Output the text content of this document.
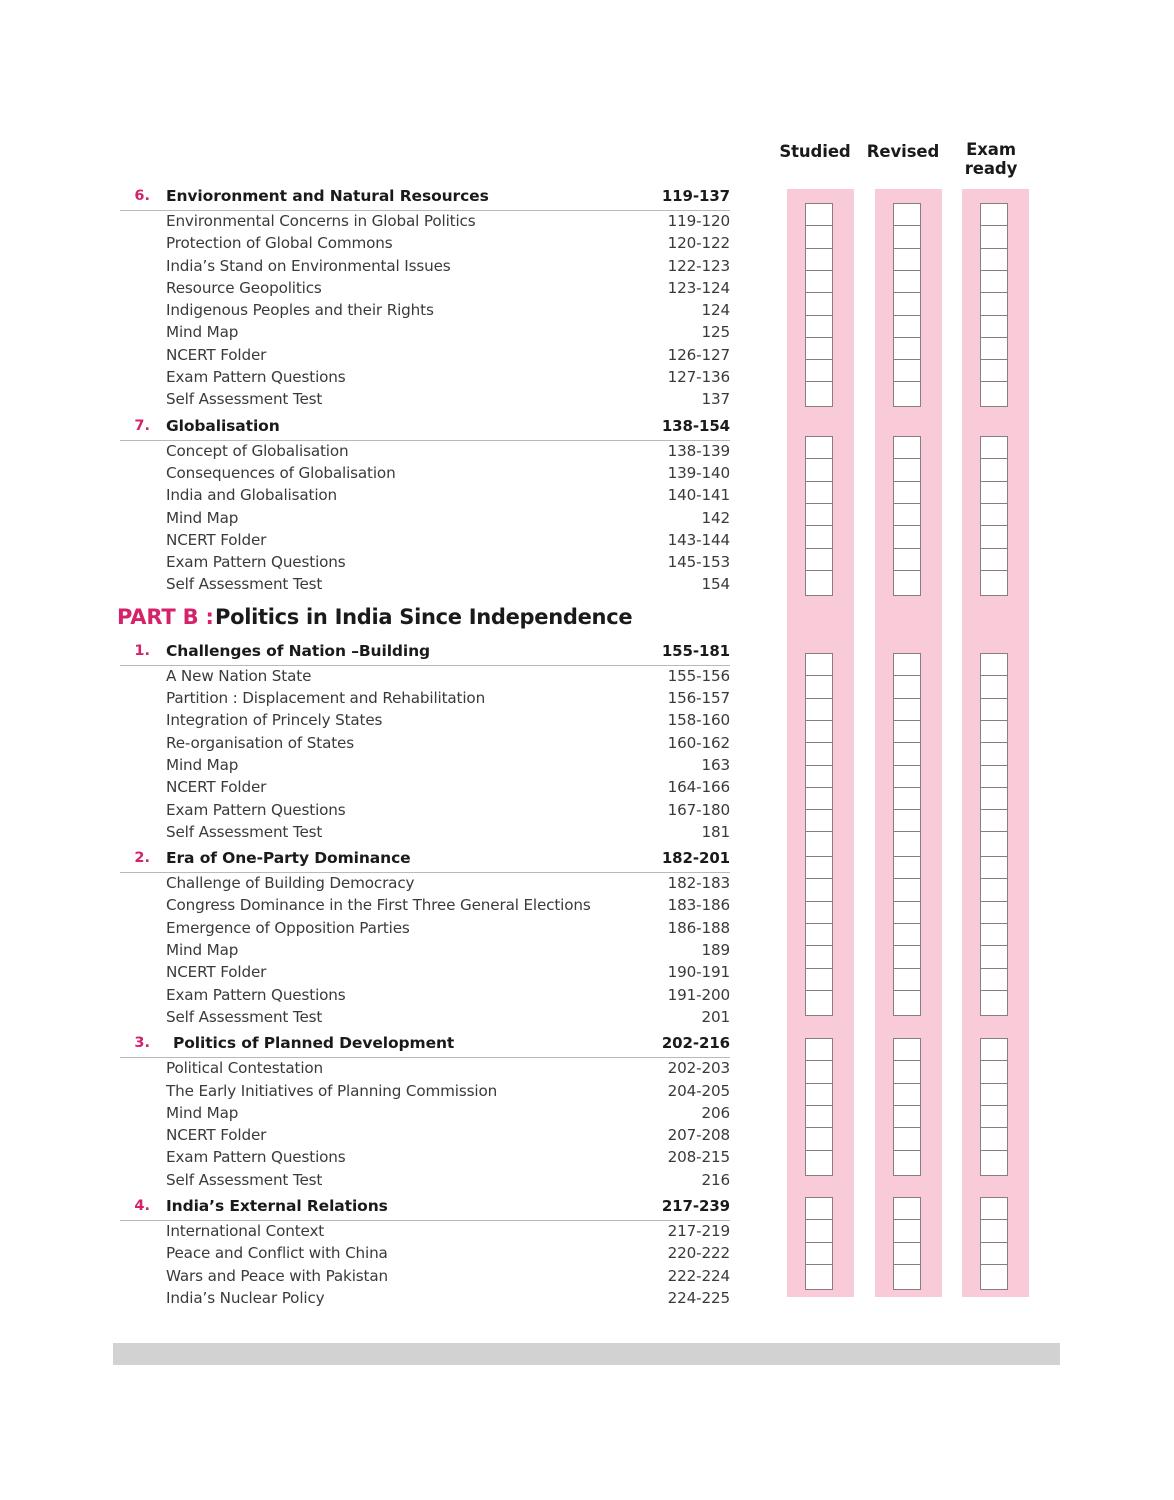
Studied Revised	Exam ready
6. Envioronment and Natural Resources	119-137
Environmental Concerns in Global Politics	119-120
Protection of Global Commons	120-122
India’s Stand on Environmental Issues	122-123
Resource Geopolitics	123-124
Indigenous Peoples and their Rights	124
Mind Map	125
NCERT Folder	126-127
Exam Pattern Questions	127-136
Self Assessment Test	137
7. Globalisation	138-154
Concept of Globalisation	138-139
Consequences of Globalisation	139-140
India and Globalisation	140-141
Mind Map	142
NCERT Folder	143-144
Exam Pattern Questions	145-153
Self Assessment Test	154
PART B : Politics in India Since Independence
1. Challenges of Nation –Building	155-181
A New Nation State	155-156
Partition : Displacement and Rehabilitation	156-157
Integration of Princely States	158-160
Re-organisation of States	160-162
Mind Map	163
NCERT Folder	164-166
Exam Pattern Questions	167-180
Self Assessment Test	181
2. Era of One-Party Dominance	182-201
Challenge of Building Democracy	182-183
Congress Dominance in the First Three General Elections	183-186
Emergence of Opposition Parties	186-188
Mind Map	189
NCERT Folder	190-191
Exam Pattern Questions	191-200
Self Assessment Test	201
3. Politics of Planned Development	202-216
Political Contestation	202-203
The Early Initiatives of Planning Commission	204-205
Mind Map	206
NCERT Folder	207-208
Exam Pattern Questions	208-215
Self Assessment Test	216
4. India’s External Relations	217-239
International Context	217-219
Peace and Conflict with China	220-222
Wars and Peace with Pakistan	222-224
India’s Nuclear Policy	224-225
